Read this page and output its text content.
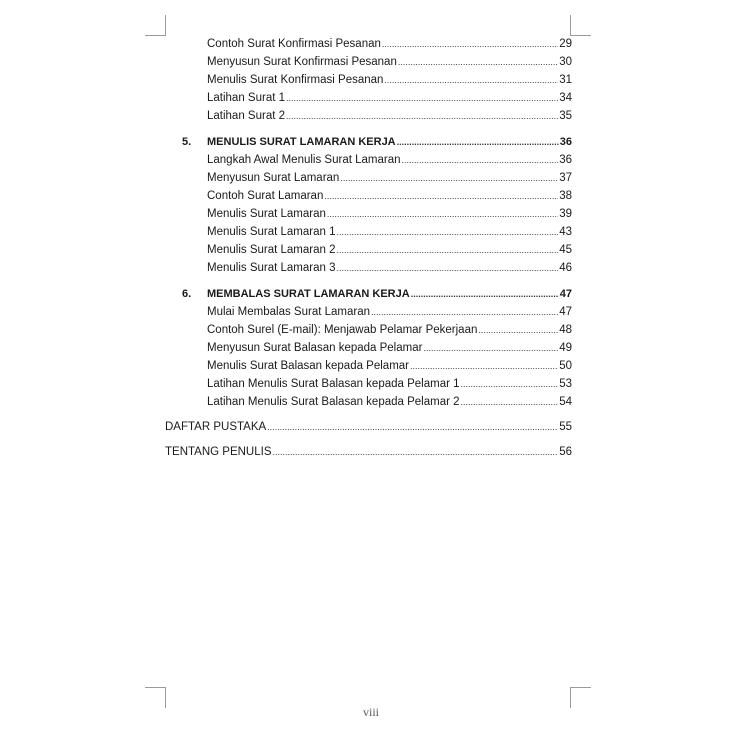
Contoh Surat Konfirmasi Pesanan .....	29
Menyusun Surat Konfirmasi Pesanan .....	30
Menulis Surat Konfirmasi Pesanan .....	31
Latihan Surat 1 .....	34
Latihan Surat 2 .....	35
5. MENULIS SURAT LAMARAN KERJA .....	36
Langkah Awal Menulis Surat Lamaran .....	36
Menyusun Surat Lamaran .....	37
Contoh Surat Lamaran .....	38
Menulis Surat Lamaran .....	39
Menulis Surat Lamaran 1 .....	43
Menulis Surat Lamaran 2 .....	45
Menulis Surat Lamaran 3 .....	46
6. MEMBALAS SURAT LAMARAN KERJA .....	47
Mulai Membalas Surat Lamaran .....	47
Contoh Surel (E-mail): Menjawab Pelamar Pekerjaan .....	48
Menyusun Surat Balasan kepada Pelamar .....	49
Menulis Surat Balasan kepada Pelamar .....	50
Latihan Menulis Surat Balasan kepada Pelamar 1 .....	53
Latihan Menulis Surat Balasan kepada Pelamar 2 .....	54
DAFTAR PUSTAKA .....	55
TENTANG PENULIS .....	56
viii
